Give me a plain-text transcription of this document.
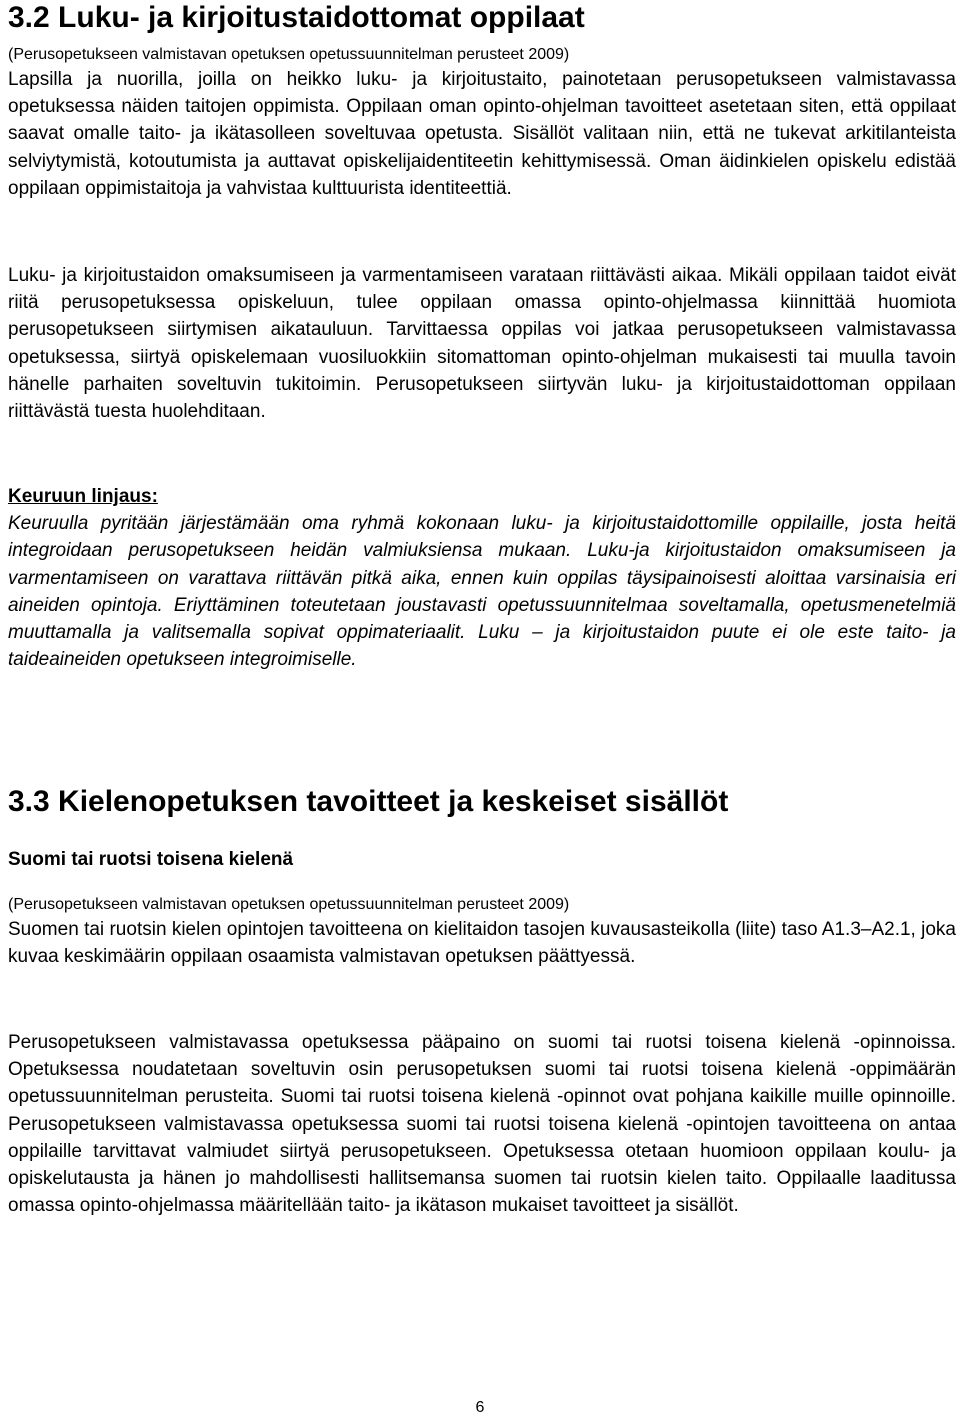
3.2 Luku- ja kirjoitustaidottomat oppilaat
(Perusopetukseen valmistavan opetuksen opetussuunnitelman perusteet 2009)
Lapsilla ja nuorilla, joilla on heikko luku- ja kirjoitustaito, painotetaan perusopetukseen valmistavassa opetuksessa näiden taitojen oppimista. Oppilaan oman opinto-ohjelman tavoitteet asetetaan siten, että oppilaat saavat omalle taito- ja ikätasolleen soveltuvaa opetusta. Sisällöt valitaan niin, että ne tukevat arkitilanteista selviytymistä, kotoutumista ja auttavat opiskelijaidentiteetin kehittymisessä. Oman äidinkielen opiskelu edistää oppilaan oppimistaitoja ja vahvistaa kulttuurista identiteettiä.

Luku- ja kirjoitustaidon omaksumiseen ja varmentamiseen varataan riittävästi aikaa. Mikäli oppilaan taidot eivät riitä perusopetuksessa opiskeluun, tulee oppilaan omassa opinto-ohjelmassa kiinnittää huomiota perusopetukseen siirtymisen aikatauluun. Tarvittaessa oppilas voi jatkaa perusopetukseen valmistavassa opetuksessa, siirtyä opiskelemaan vuosiluokkiin sitomattoman opinto-ohjelman mukaisesti tai muulla tavoin hänelle parhaiten soveltuvin tukitoimin. Perusopetukseen siirtyvän luku- ja kirjoitustaidottoman oppilaan riittävästä tuesta huolehditaan.

Keuruun linjaus:
Keuruulla pyritään järjestämään oma ryhmä kokonaan luku- ja kirjoitustaidottomille oppilaille, josta heitä integroidaan perusopetukseen heidän valmiuksiensa mukaan. Luku-ja kirjoitustaidon omaksumiseen ja varmentamiseen on varattava riittävän pitkä aika, ennen kuin oppilas täysipainoisesti aloittaa varsinaisia eri aineiden opintoja. Eriyttäminen toteutetaan joustavasti opetussuunnitelmaa soveltamalla, opetusmenetelmiä muuttamalla ja valitsemalla sopivat oppimateriaalit. Luku – ja kirjoitustaidon puute ei ole este taito- ja taideaineiden opetukseen integroimiselle.
3.3 Kielenopetuksen tavoitteet ja keskeiset sisällöt
Suomi tai ruotsi toisena kielenä
(Perusopetukseen valmistavan opetuksen opetussuunnitelman perusteet 2009)
Suomen tai ruotsin kielen opintojen tavoitteena on kielitaidon tasojen kuvausasteikolla (liite) taso A1.3–A2.1, joka kuvaa keskimäärin oppilaan osaamista valmistavan opetuksen päättyessä.

Perusopetukseen valmistavassa opetuksessa pääpaino on suomi tai ruotsi toisena kielenä -opinnoissa. Opetuksessa noudatetaan soveltuvin osin perusopetuksen suomi tai ruotsi toisena kielenä -oppimäärän opetussuunnitelman perusteita. Suomi tai ruotsi toisena kielenä -opinnot ovat pohjana kaikille muille opinnoille. Perusopetukseen valmistavassa opetuksessa suomi tai ruotsi toisena kielenä -opintojen tavoitteena on antaa oppilaille tarvittavat valmiudet siirtyä perusopetukseen. Opetuksessa otetaan huomioon oppilaan koulu- ja opiskelutausta ja hänen jo mahdollisesti hallitsemansa suomen tai ruotsin kielen taito. Oppilaalle laaditussa omassa opinto-ohjelmassa määritellään taito- ja ikätason mukaiset tavoitteet ja sisällöt.

6
